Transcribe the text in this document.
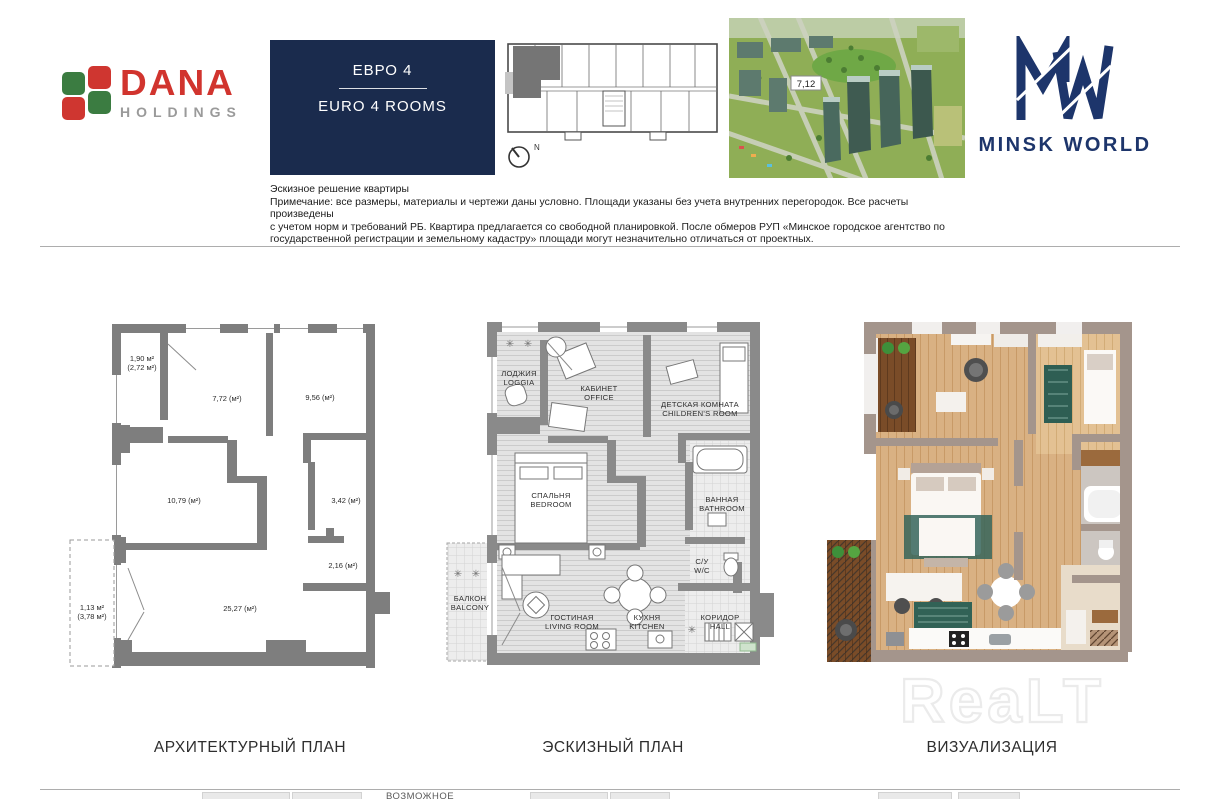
DANA
HOLDINGS
ЕВРО 4
EURO 4 ROOMS
N
7,12
MINSK WORLD
Эскизное решение квартиры
Примечание: все размеры, материалы и чертежи даны условно. Площади указаны без учета внутренних перегородок. Все расчеты произведены
с учетом норм и требований РБ. Квартира предлагается со свободной планировкой. После обмеров РУП «Минское городское агентство по
государственной регистрации и земельному кадастру» площади могут незначительно отличаться от проектных.
1,90 м²
(2,72 м²)
7,72 (м²)	9,56 (м²)
10,79 (м²)	3,42 (м²)
2,16 (м²)
25,27 (м²)
1,13 м²
(3,78 м²)
✳ ✳
✳ ✳
✳
ЛОДЖИЯ
LOGGIA
КАБИНЕТ
OFFICE
ДЕТСКАЯ КОМНАТА
CHILDREN'S ROOM
СПАЛЬНЯ
BEDROOM
ВАННАЯ
BATHROOM
С/У
W/C
БАЛКОН
BALCONY
ГОСТИНАЯ
LIVING ROOM
КУХНЯ
KITCHEN
КОРИДОР
HALL
ReaLT
АРХИТЕКТУРНЫЙ ПЛАН	ЭСКИЗНЫЙ ПЛАН	ВИЗУАЛИЗАЦИЯ
ВОЗМОЖНОЕ
